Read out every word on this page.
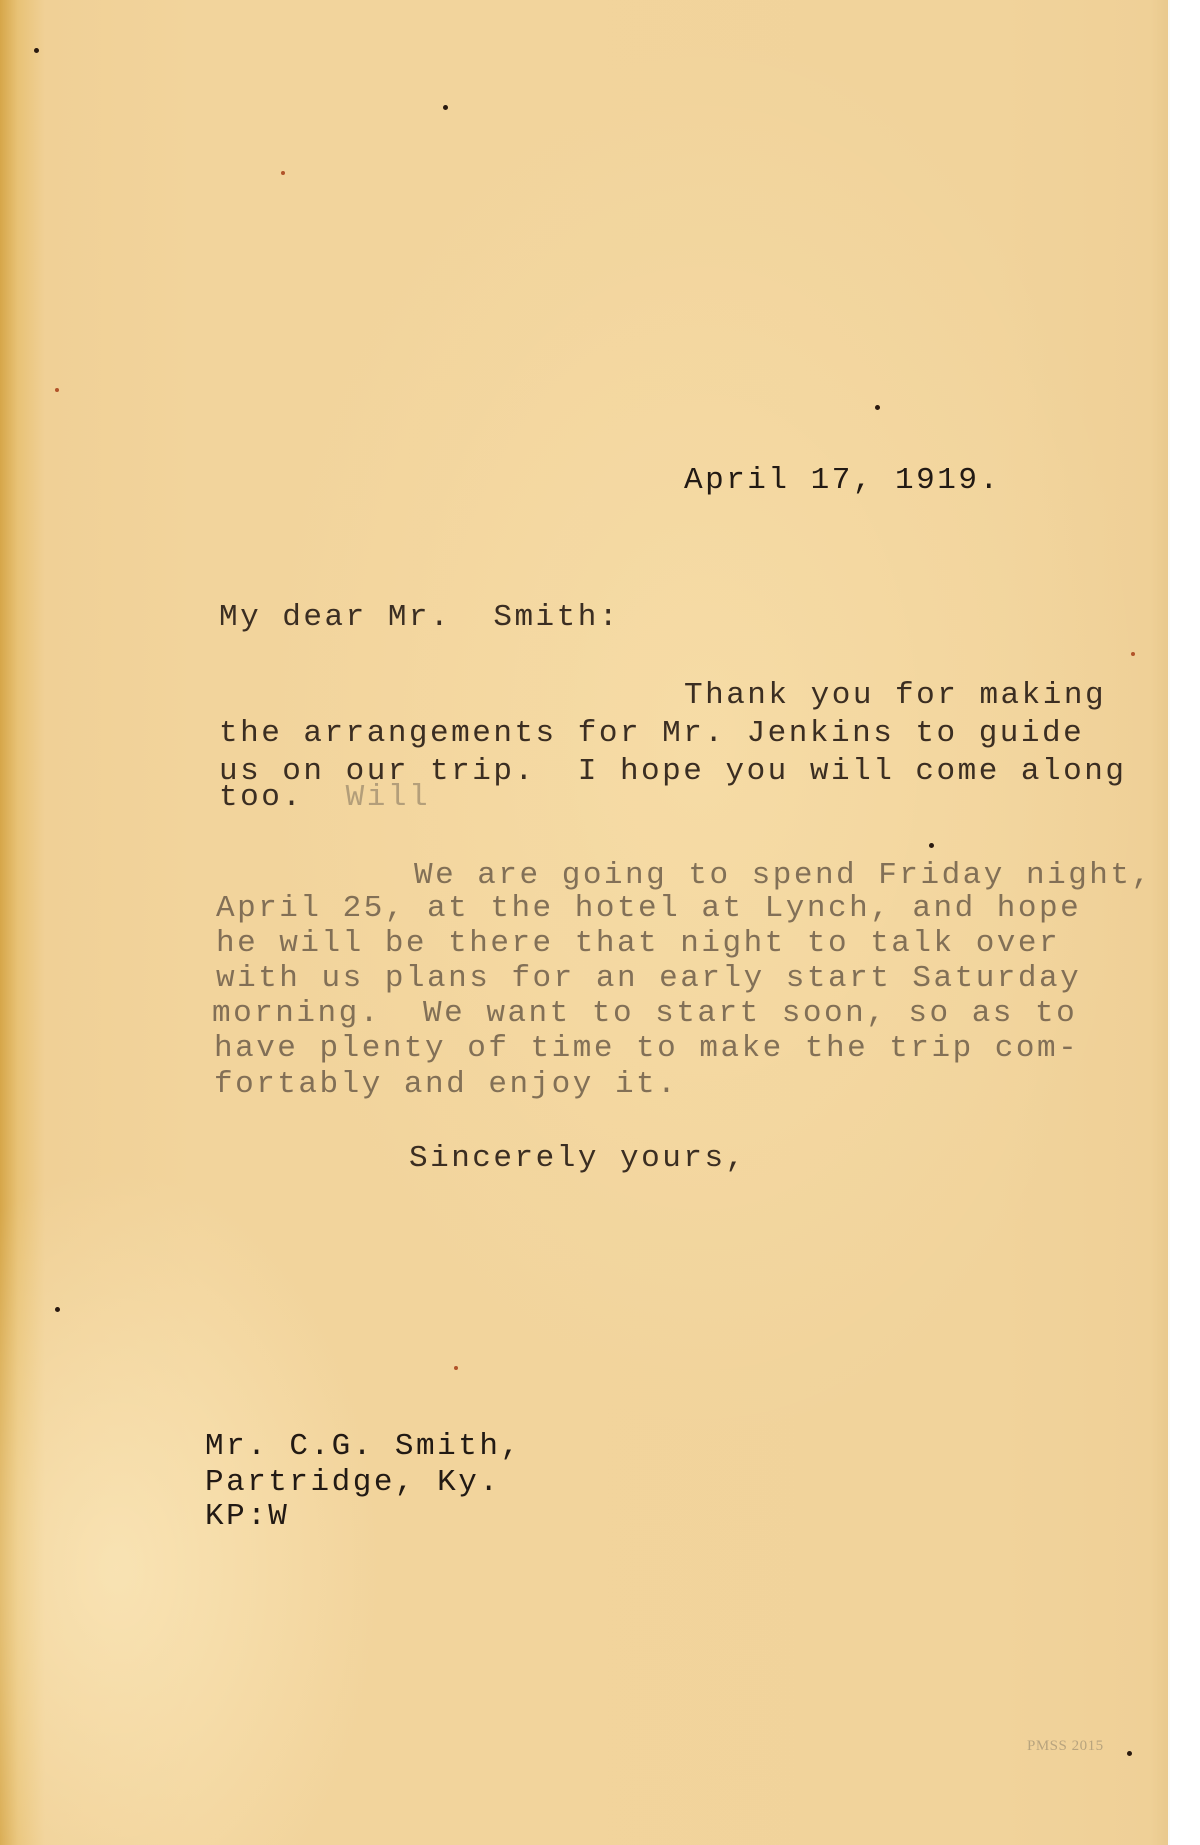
April 17, 1919.
My dear Mr.  Smith:
Thank you for making
the arrangements for Mr. Jenkins to guide
us on our trip.  I hope you will come along
too. Will
We are going to spend Friday night,
April 25, at the hotel at Lynch, and hope
he will be there that night to talk over
with us plans for an early start Saturday
morning.  We want to start soon, so as to
have plenty of time to make the trip com-
fortably and enjoy it.
Sincerely yours,
Mr. C.G. Smith,
Partridge, Ky.
KP:W
PMSS 2015
